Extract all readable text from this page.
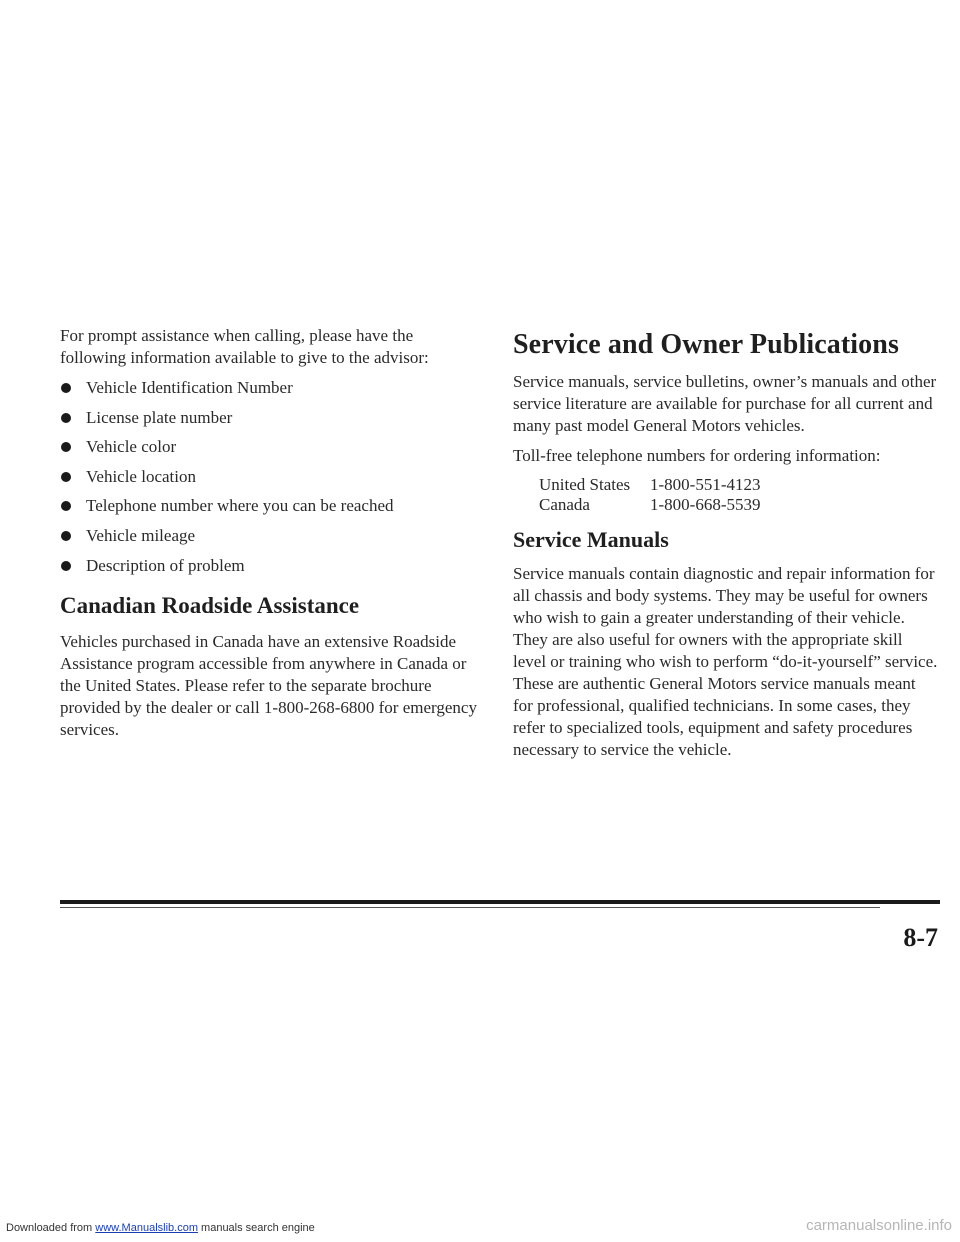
For prompt assistance when calling, please have the following information available to give to the advisor:

Vehicle Identification Number
License plate number
Vehicle color
Vehicle location
Telephone number where you can be reached
Vehicle mileage
Description of problem
Canadian Roadside Assistance

Vehicles purchased in Canada have an extensive Roadside Assistance program accessible from anywhere in Canada or the United States. Please refer to the separate brochure provided by the dealer or call 1-800-268-6800 for emergency services.

Service and Owner Publications

Service manuals, service bulletins, owner’s manuals and other service literature are available for purchase for all current and many past model General Motors vehicles.

Toll-free telephone numbers for ordering information:

United States	1-800-551-4123
Canada	1-800-668-5539
Service Manuals

Service manuals contain diagnostic and repair information for all chassis and body systems. They may be useful for owners who wish to gain a greater understanding of their vehicle. They are also useful for owners with the appropriate skill level or training who wish to perform “do-it-yourself” service. These are authentic General Motors service manuals meant for professional, qualified technicians. In some cases, they refer to specialized tools, equipment and safety procedures necessary to service the vehicle.

8-7
Downloaded from www.Manualslib.com manuals search engine	carmanualsonline.info
